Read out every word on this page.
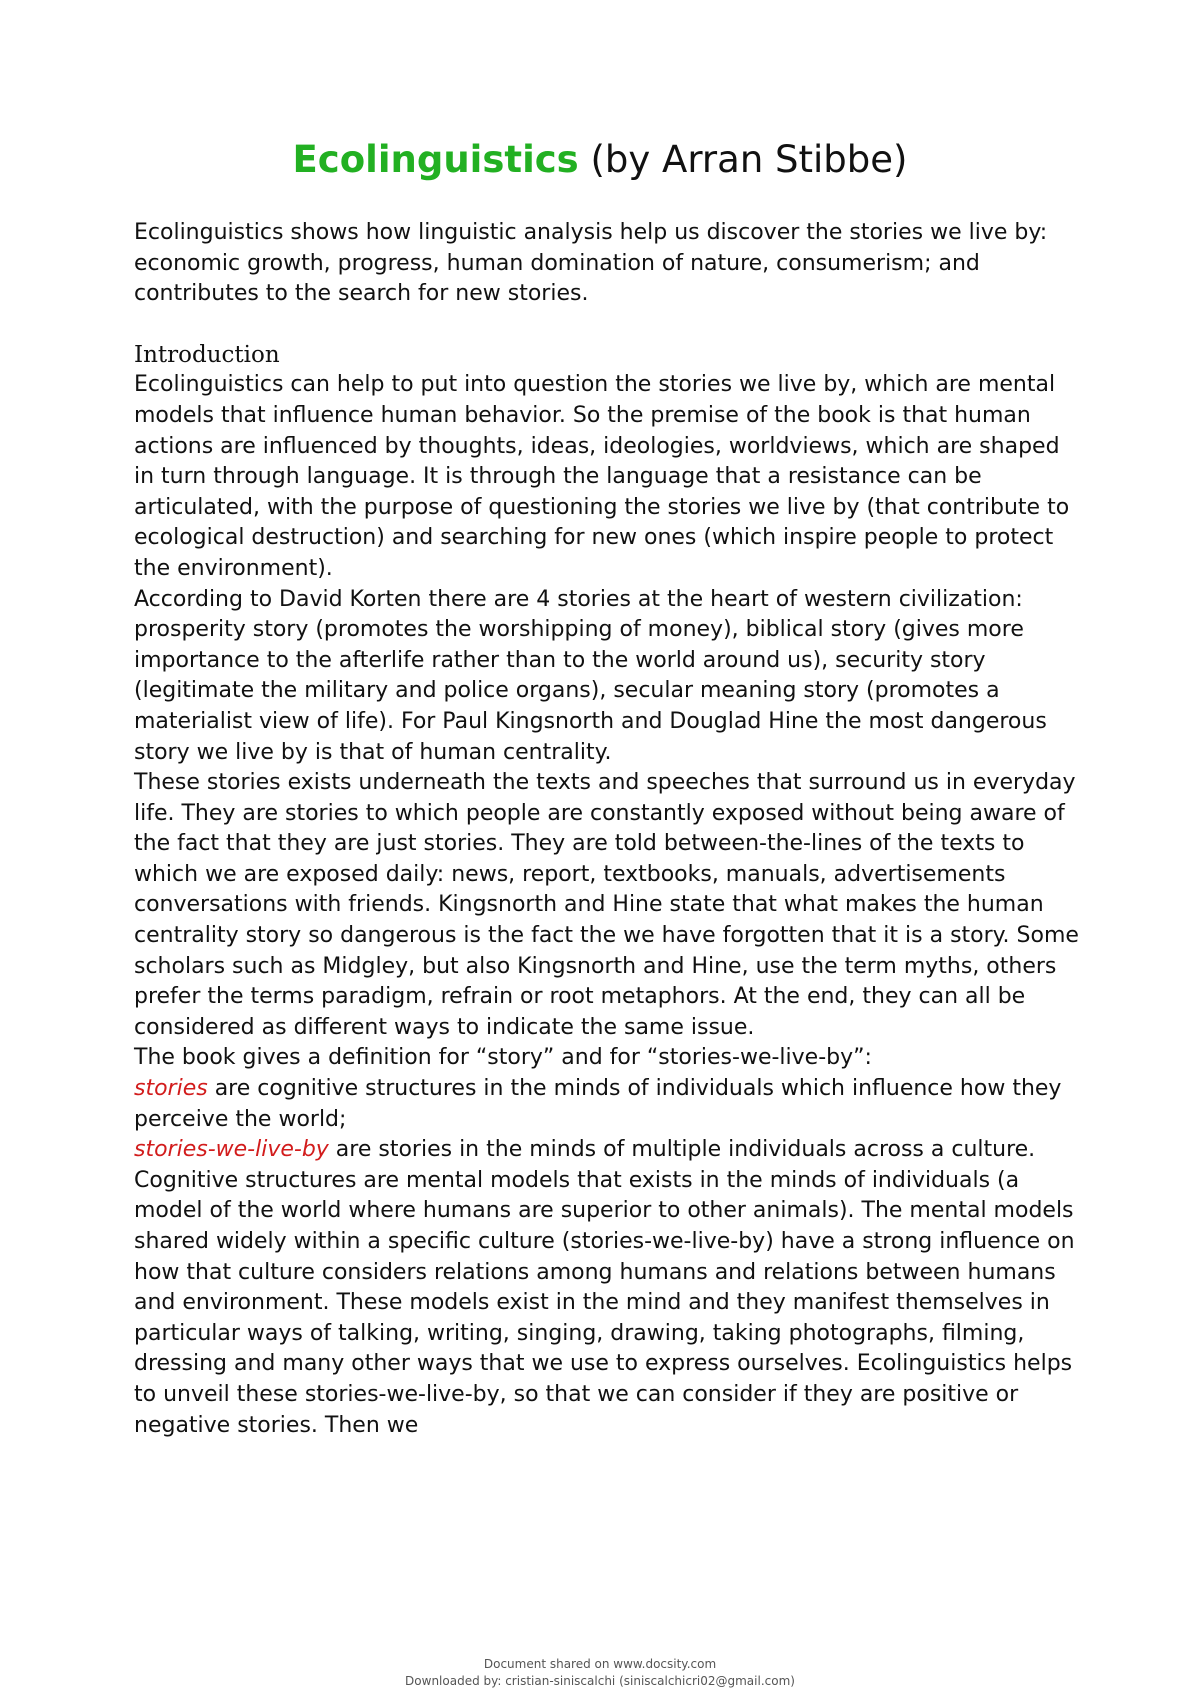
Ecolinguistics (by Arran Stibbe)

Ecolinguistics shows how linguistic analysis help us discover the stories we live by: economic growth, progress, human domination of nature, consumerism; and contributes to the search for new stories.

Introduction

Ecolinguistics can help to put into question the stories we live by, which are mental models that influence human behavior. So the premise of the book is that human actions are influenced by thoughts, ideas, ideologies, worldviews, which are shaped in turn through language. It is through the language that a resistance can be articulated, with the purpose of questioning the stories we live by (that contribute to ecological destruction) and searching for new ones (which inspire people to protect the environment).

According to David Korten there are 4 stories at the heart of western civilization: prosperity story (promotes the worshipping of money), biblical story (gives more importance to the afterlife rather than to the world around us), security story (legitimate the military and police organs), secular meaning story (promotes a materialist view of life). For Paul Kingsnorth and Douglad Hine the most dangerous story we live by is that of human centrality.

These stories exists underneath the texts and speeches that surround us in everyday life. They are stories to which people are constantly exposed without being aware of the fact that they are just stories. They are told between-the-lines of the texts to which we are exposed daily: news, report, textbooks, manuals, advertisements conversations with friends. Kingsnorth and Hine state that what makes the human centrality story so dangerous is the fact the we have forgotten that it is a story. Some scholars such as Midgley, but also Kingsnorth and Hine, use the term myths, others prefer the terms paradigm, refrain or root metaphors. At the end, they can all be considered as different ways to indicate the same issue.

The book gives a definition for “story” and for “stories-we-live-by”:

stories are cognitive structures in the minds of individuals which influence how they perceive the world;

stories-we-live-by are stories in the minds of multiple individuals across a culture.

Cognitive structures are mental models that exists in the minds of individuals (a model of the world where humans are superior to other animals). The mental models shared widely within a specific culture (stories-we-live-by) have a strong influence on how that culture considers relations among humans and relations between humans and environment. These models exist in the mind and they manifest themselves in particular ways of talking, writing, singing, drawing, taking photographs, filming, dressing and many other ways that we use to express ourselves. Ecolinguistics helps to unveil these stories-we-live-by, so that we can consider if they are positive or negative stories. Then we

Document shared on www.docsity.com
Downloaded by: cristian-siniscalchi (siniscalchicri02@gmail.com)
